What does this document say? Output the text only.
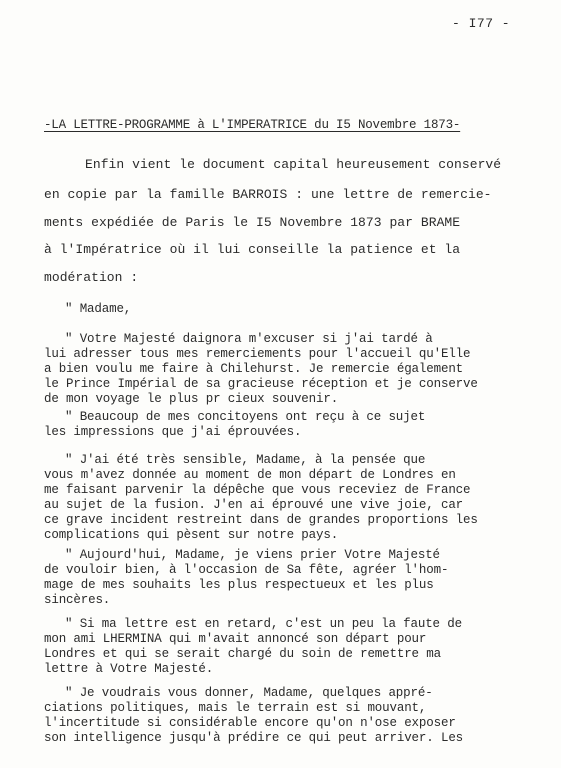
- I77 -
-LA LETTRE-PROGRAMME à L'IMPERATRICE du I5 Novembre 1873-
Enfin vient le document capital heureusement conservé
en copie par la famille BARROIS : une lettre de remercie-
ments expédiée de Paris le I5 Novembre 1873 par BRAME
à l'Impératrice où il lui conseille la patience et la
modération :
" Madame,
" Votre Majesté daignora m'excuser si j'ai tardé à
lui adresser tous mes remerciements pour l'accueil qu'Elle
a bien voulu me faire à Chilehurst. Je remercie également
le Prince Impérial de sa gracieuse réception et je conserve
de mon voyage le plus pr cieux souvenir.
" Beaucoup de mes concitoyens ont reçu à ce sujet
les impressions que j'ai éprouvées.
" J'ai été très sensible, Madame, à la pensée que
vous m'avez donnée au moment de mon départ de Londres en
me faisant parvenir la dépêche que vous receviez de France
au sujet de la fusion. J'en ai éprouvé une vive joie, car
ce grave incident restreint dans de grandes proportions les
complications qui pèsent sur notre pays.
" Aujourd'hui, Madame, je viens prier Votre Majesté
de vouloir bien, à l'occasion de Sa fête, agréer l'hom-
mage de mes souhaits les plus respectueux et les plus
sincères.
" Si ma lettre est en retard, c'est un peu la faute de
mon ami LHERMINA qui m'avait annoncé son départ pour
Londres et qui se serait chargé du soin de remettre ma
lettre à Votre Majesté.
" Je voudrais vous donner, Madame, quelques appré-
ciations politiques, mais le terrain est si mouvant,
l'incertitude si considérable encore qu'on n'ose exposer
son intelligence jusqu'à prédire ce qui peut arriver. Les
